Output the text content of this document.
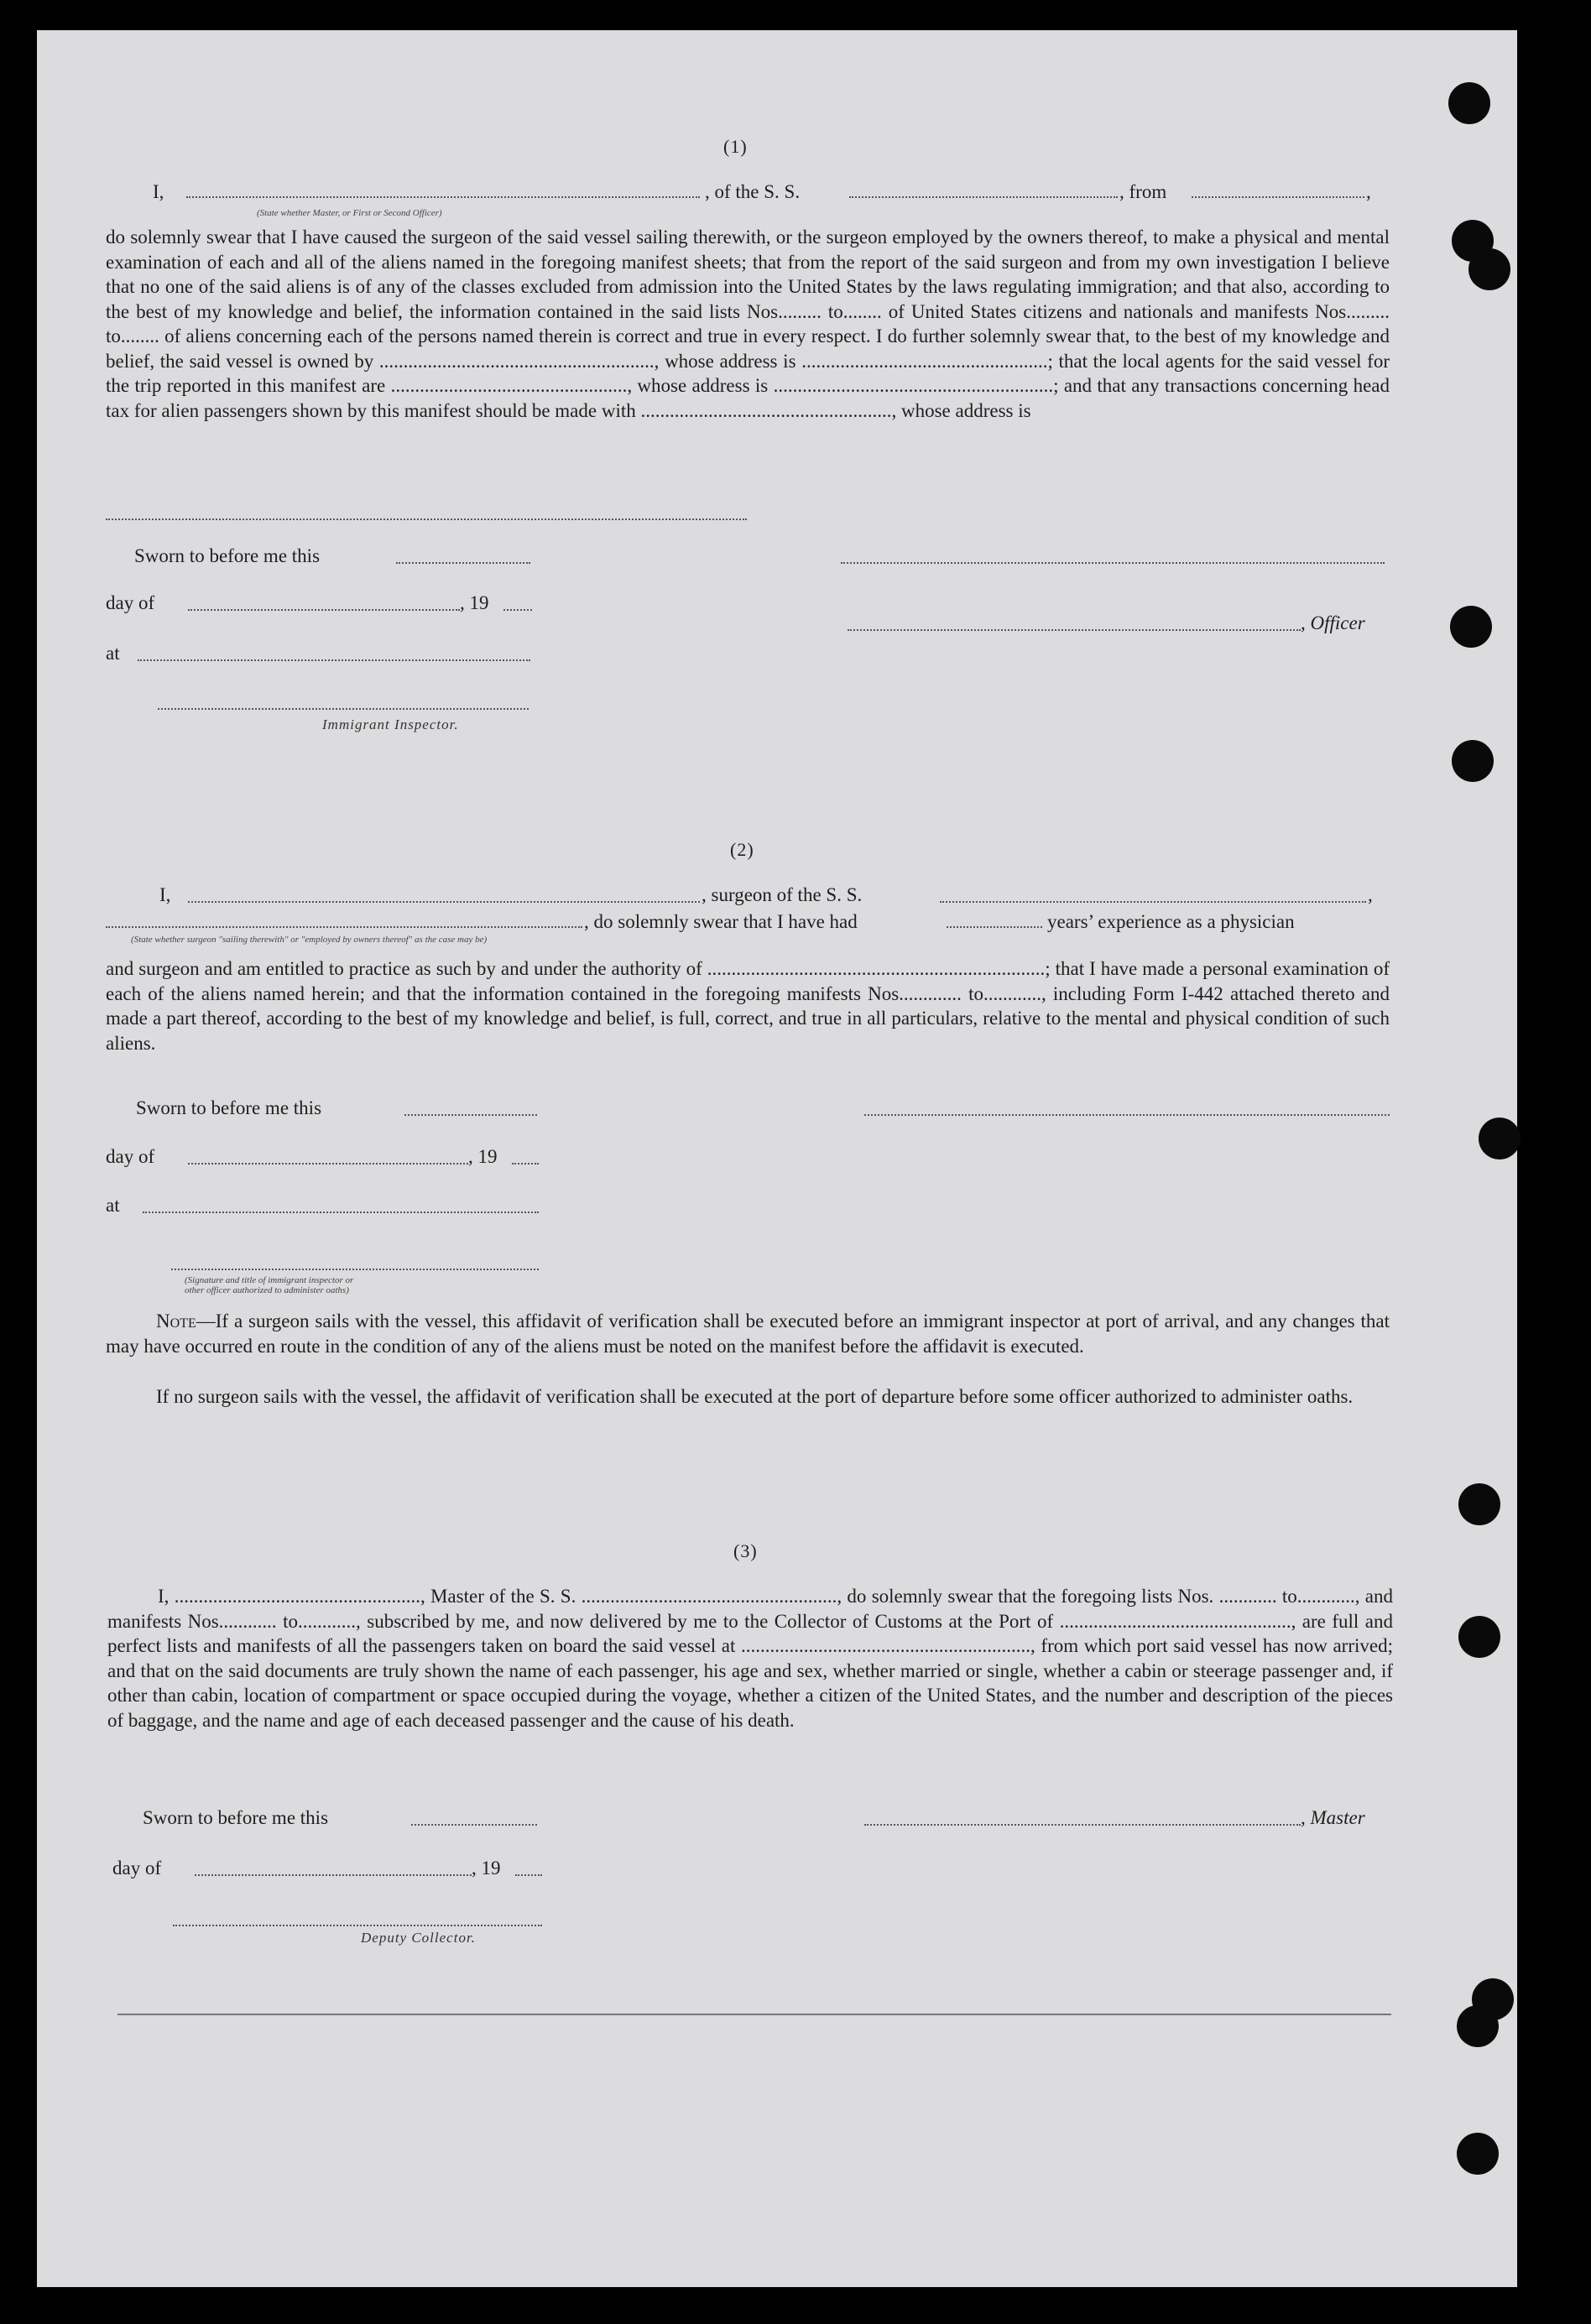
(1)
I,
(State whether Master, or First or Second Officer)
, of the S. S.	, from	,

do solemnly swear that I have caused the surgeon of the said vessel sailing therewith, or the surgeon employed by the owners thereof, to make a physical and mental examination of each and all of the aliens named in the foregoing manifest sheets; that from the report of the said surgeon and from my own investigation I believe that no one of the said aliens is of any of the classes excluded from admission into the United States by the laws regulating immigration; and that also, according to the best of my knowledge and belief, the information contained in the said lists Nos......... to........ of United States citizens and nationals and manifests Nos......... to........ of aliens concerning each of the persons named therein is correct and true in every respect. I do further solemnly swear that, to the best of my knowledge and belief, the said vessel is owned by ........................................................., whose address is ...................................................; that the local agents for the said vessel for the trip reported in this manifest are ................................................., whose address is ..........................................................; and that any transactions concerning head tax for alien passengers shown by this manifest should be made with ...................................................., whose address is

Sworn to before me this
day of	, 19
, Officer
at
Immigrant Inspector.
(2)
I,	, surgeon of the S. S.	,
, do solemnly swear that I have had	years’ experience as a physician
(State whether surgeon "sailing therewith" or "employed by owners thereof" as the case may be)

and surgeon and am entitled to practice as such by and under the authority of ......................................................................; that I have made a personal examination of each of the aliens named herein; and that the information contained in the foregoing manifests Nos............. to............, including Form I-442 attached thereto and made a part thereof, according to the best of my knowledge and belief, is full, correct, and true in all particulars, relative to the mental and physical condition of such aliens.

Sworn to before me this
day of	, 19
at
(Signature and title of immigrant inspector or
other officer authorized to administer oaths)

Note—If a surgeon sails with the vessel, this affidavit of verification shall be executed before an immigrant inspector at port of arrival, and any changes that may have occurred en route in the condition of any of the aliens must be noted on the manifest before the affidavit is executed.

If no surgeon sails with the vessel, the affidavit of verification shall be executed at the port of departure before some officer authorized to administer oaths.

(3)

I, ..................................................., Master of the S. S. ....................................................., do solemnly swear that the foregoing lists Nos. ............ to............, and manifests Nos............ to............, subscribed by me, and now delivered by me to the Collector of Customs at the Port of ................................................, are full and perfect lists and manifests of all the passengers taken on board the said vessel at ............................................................, from which port said vessel has now arrived; and that on the said documents are truly shown the name of each passenger, his age and sex, whether married or single, whether a cabin or steerage passenger and, if other than cabin, location of compartment or space occupied during the voyage, whether a citizen of the United States, and the number and description of the pieces of baggage, and the name and age of each deceased passenger and the cause of his death.

Sworn to before me this	, Master
day of	, 19
Deputy Collector.
